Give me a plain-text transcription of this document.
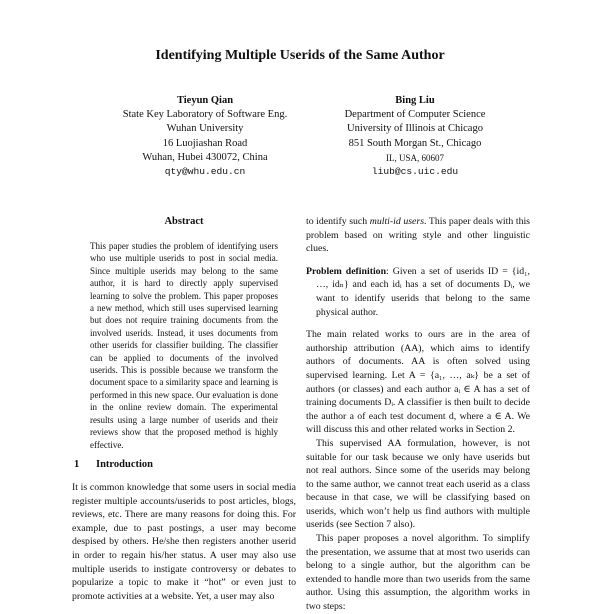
Identifying Multiple Userids of the Same Author
Tieyun Qian
State Key Laboratory of Software Eng.
Wuhan University
16 Luojiashan Road
Wuhan, Hubei 430072, China
qty@whu.edu.cn
Bing Liu
Department of Computer Science
University of Illinois at Chicago
851 South Morgan St., Chicago
IL, USA, 60607
liub@cs.uic.edu
Abstract
This paper studies the problem of identifying users who use multiple userids to post in social media. Since multiple userids may belong to the same author, it is hard to directly apply supervised learning to solve the problem. This paper proposes a new method, which still uses supervised learning but does not require training documents from the involved userids. Instead, it uses documents from other userids for classifier building. The classifier can be applied to documents of the involved userids. This is possible because we transform the document space to a similarity space and learning is performed in this new space. Our evaluation is done in the online review domain. The experimental results using a large number of userids and their reviews show that the proposed method is highly effective.
1 Introduction
It is common knowledge that some users in social media register multiple accounts/userids to post articles, blogs, reviews, etc. There are many reasons for doing this. For example, due to past postings, a user may become despised by others. He/she then registers another userid in order to regain his/her status. A user may also use multiple userids to instigate controversy or debates to popularize a topic to make it “hot” or even just to promote activities at a website. Yet, a user may also

to identify such multi-id users. This paper deals with this problem based on writing style and other linguistic clues.

Problem definition: Given a set of userids ID = {id₁, …, idₙ} and each idᵢ has a set of documents Dᵢ, we want to identify userids that belong to the same physical author.

The main related works to ours are in the area of authorship attribution (AA), which aims to identify authors of documents. AA is often solved using supervised learning. Let A = {a₁, …, aₖ} be a set of authors (or classes) and each author aᵢ ∈ A has a set of training documents Dᵢ. A classifier is then built to decide the author a of each test document d, where a ∈ A. We will discuss this and other related works in Section 2.

This supervised AA formulation, however, is not suitable for our task because we only have userids but not real authors. Since some of the userids may belong to the same author, we cannot treat each userid as a class because in that case, we will be classifying based on userids, which won’t help us find authors with multiple userids (see Section 7 also).

This paper proposes a novel algorithm. To simplify the presentation, we assume that at most two userids can belong to a single author, but the algorithm can be extended to handle more than two userids from the same author. Using this assumption, the algorithm works in two steps:
